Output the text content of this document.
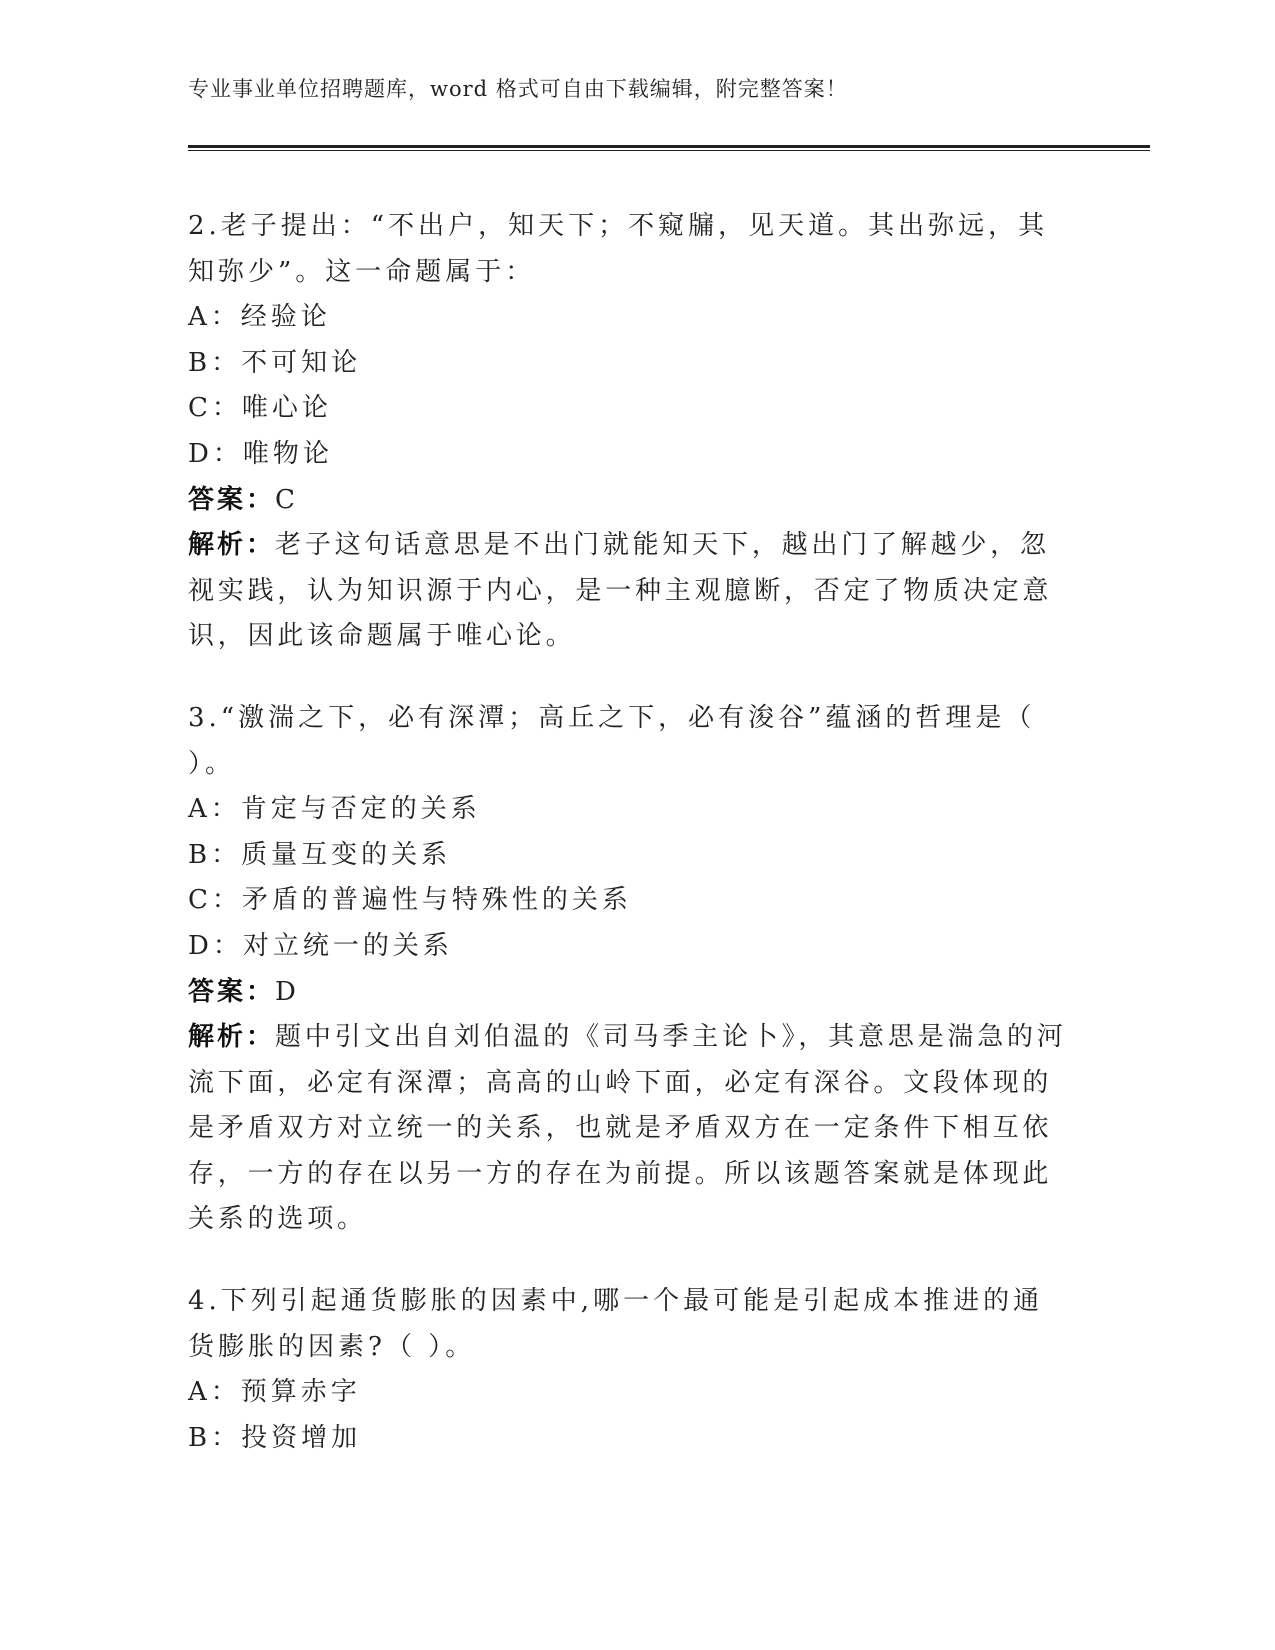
专业事业单位招聘题库，word 格式可自由下载编辑，附完整答案！
2.老子提出：“不出户，知天下；不窥牖，见天道。其出弥远，其知弥少”。这一命题属于：
A：经验论
B：不可知论
C：唯心论
D：唯物论
答案：C
解析：老子这句话意思是不出门就能知天下，越出门了解越少，忽视实践，认为知识源于内心，是一种主观臆断，否定了物质决定意识，因此该命题属于唯心论。
3.“激湍之下，必有深潭；高丘之下，必有浚谷”蕴涵的哲理是（ ）。
A：肯定与否定的关系
B：质量互变的关系
C：矛盾的普遍性与特殊性的关系
D：对立统一的关系
答案：D
解析：题中引文出自刘伯温的《司马季主论卜》，其意思是湍急的河流下面，必定有深潭；高高的山岭下面，必定有深谷。文段体现的是矛盾双方对立统一的关系，也就是矛盾双方在一定条件下相互依存，一方的存在以另一方的存在为前提。所以该题答案就是体现此关系的选项。
4.下列引起通货膨胀的因素中,哪一个最可能是引起成本推进的通货膨胀的因素?（ ）。
A：预算赤字
B：投资增加
